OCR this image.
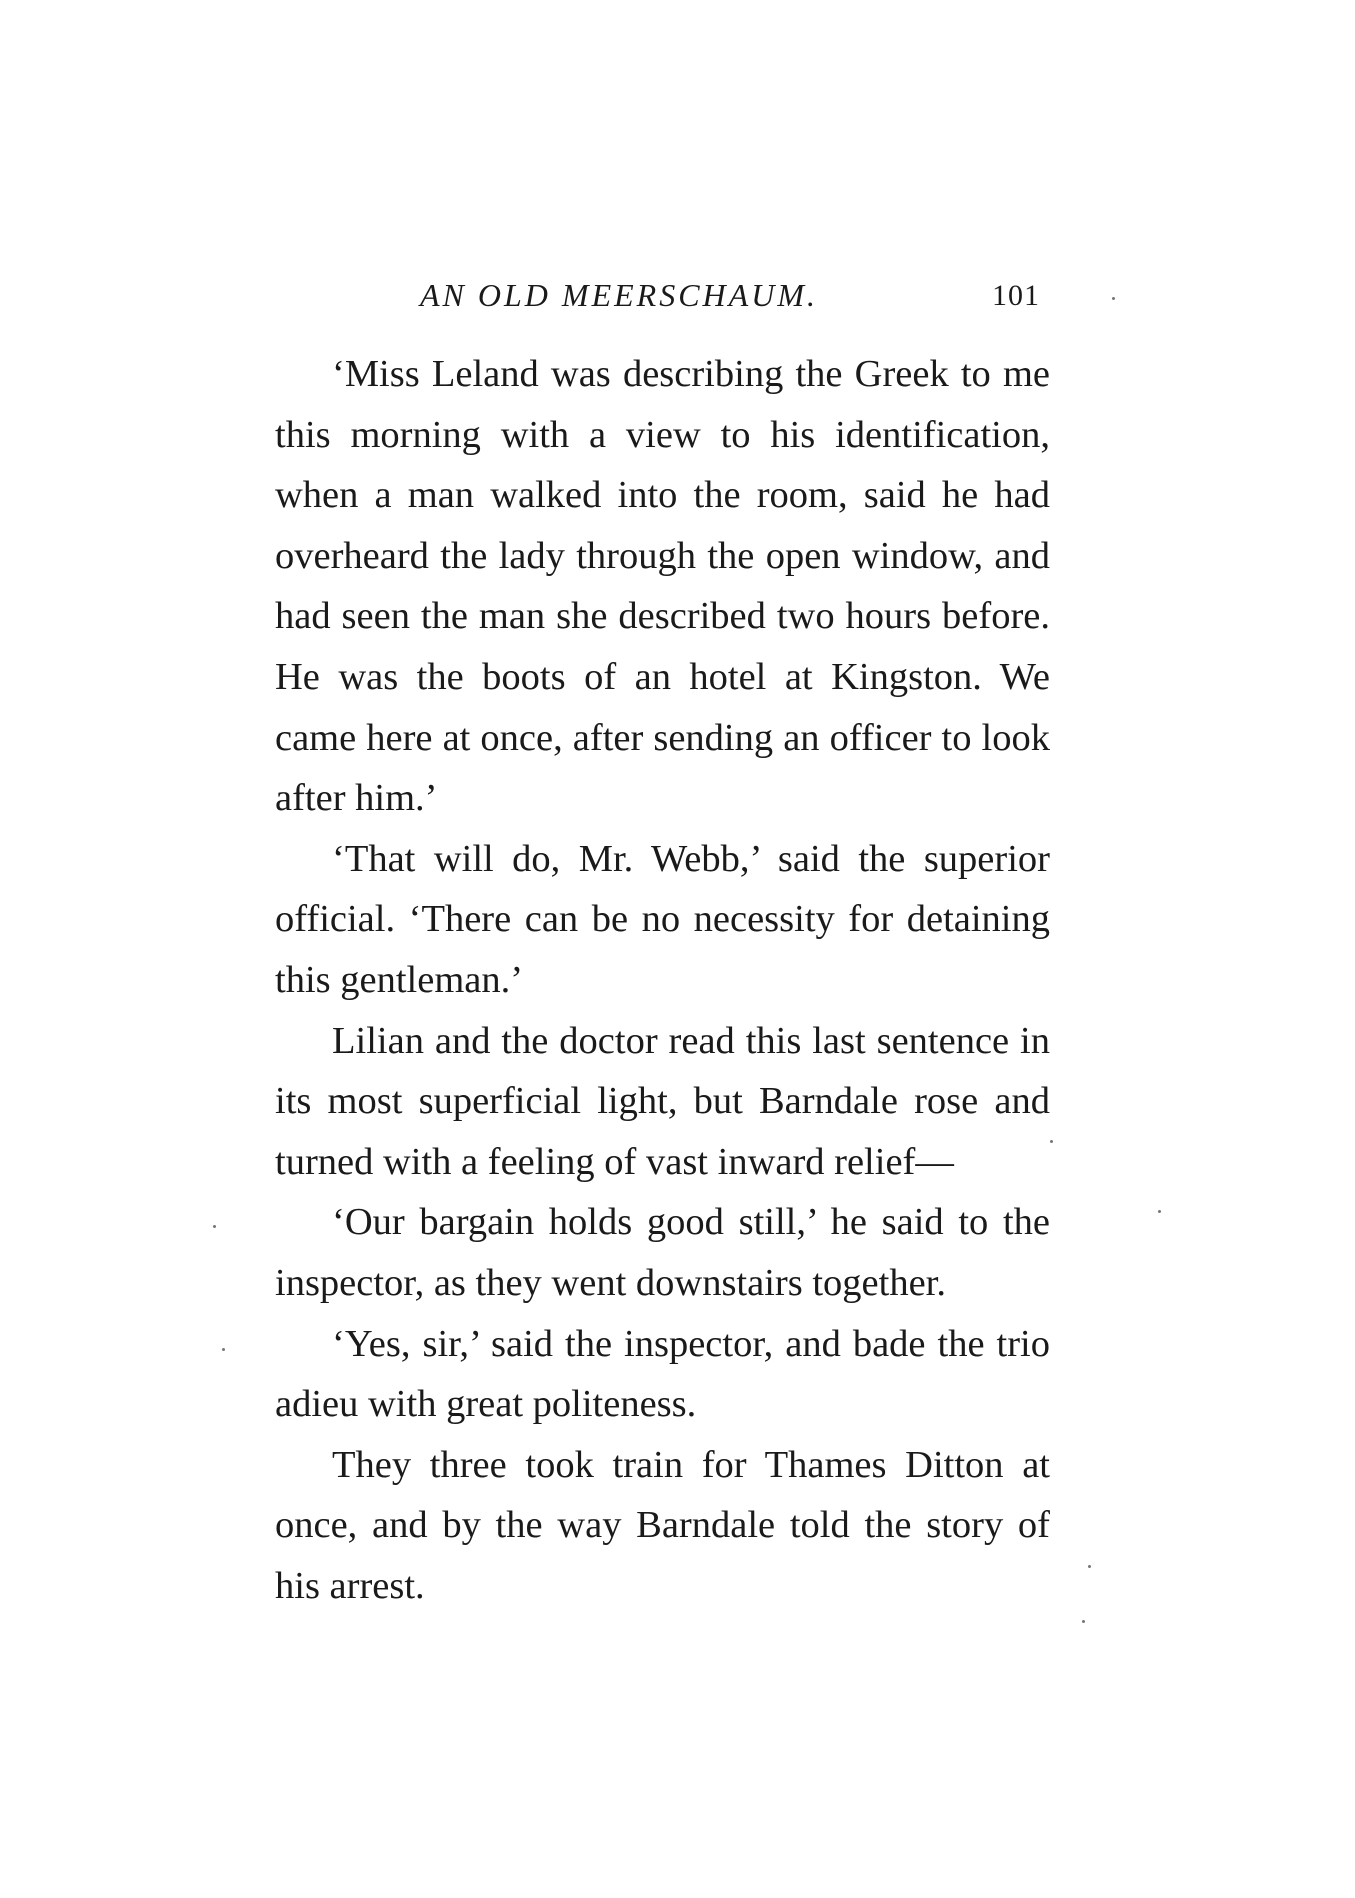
AN OLD MEERSCHAUM.	101

‘Miss Leland was describing the Greek to me this morning with a view to his identification, when a man walked into the room, said he had overheard the lady through the open window, and had seen the man she described two hours before. He was the boots of an hotel at Kingston. We came here at once, after sending an officer to look after him.’

‘That will do, Mr. Webb,’ said the superior official. ‘There can be no necessity for detaining this gentleman.’

Lilian and the doctor read this last sentence in its most superficial light, but Barndale rose and turned with a feeling of vast inward relief—

‘Our bargain holds good still,’ he said to the inspector, as they went downstairs together.

‘Yes, sir,’ said the inspector, and bade the trio adieu with great politeness.

They three took train for Thames Ditton at once, and by the way Barndale told the story of his arrest.
